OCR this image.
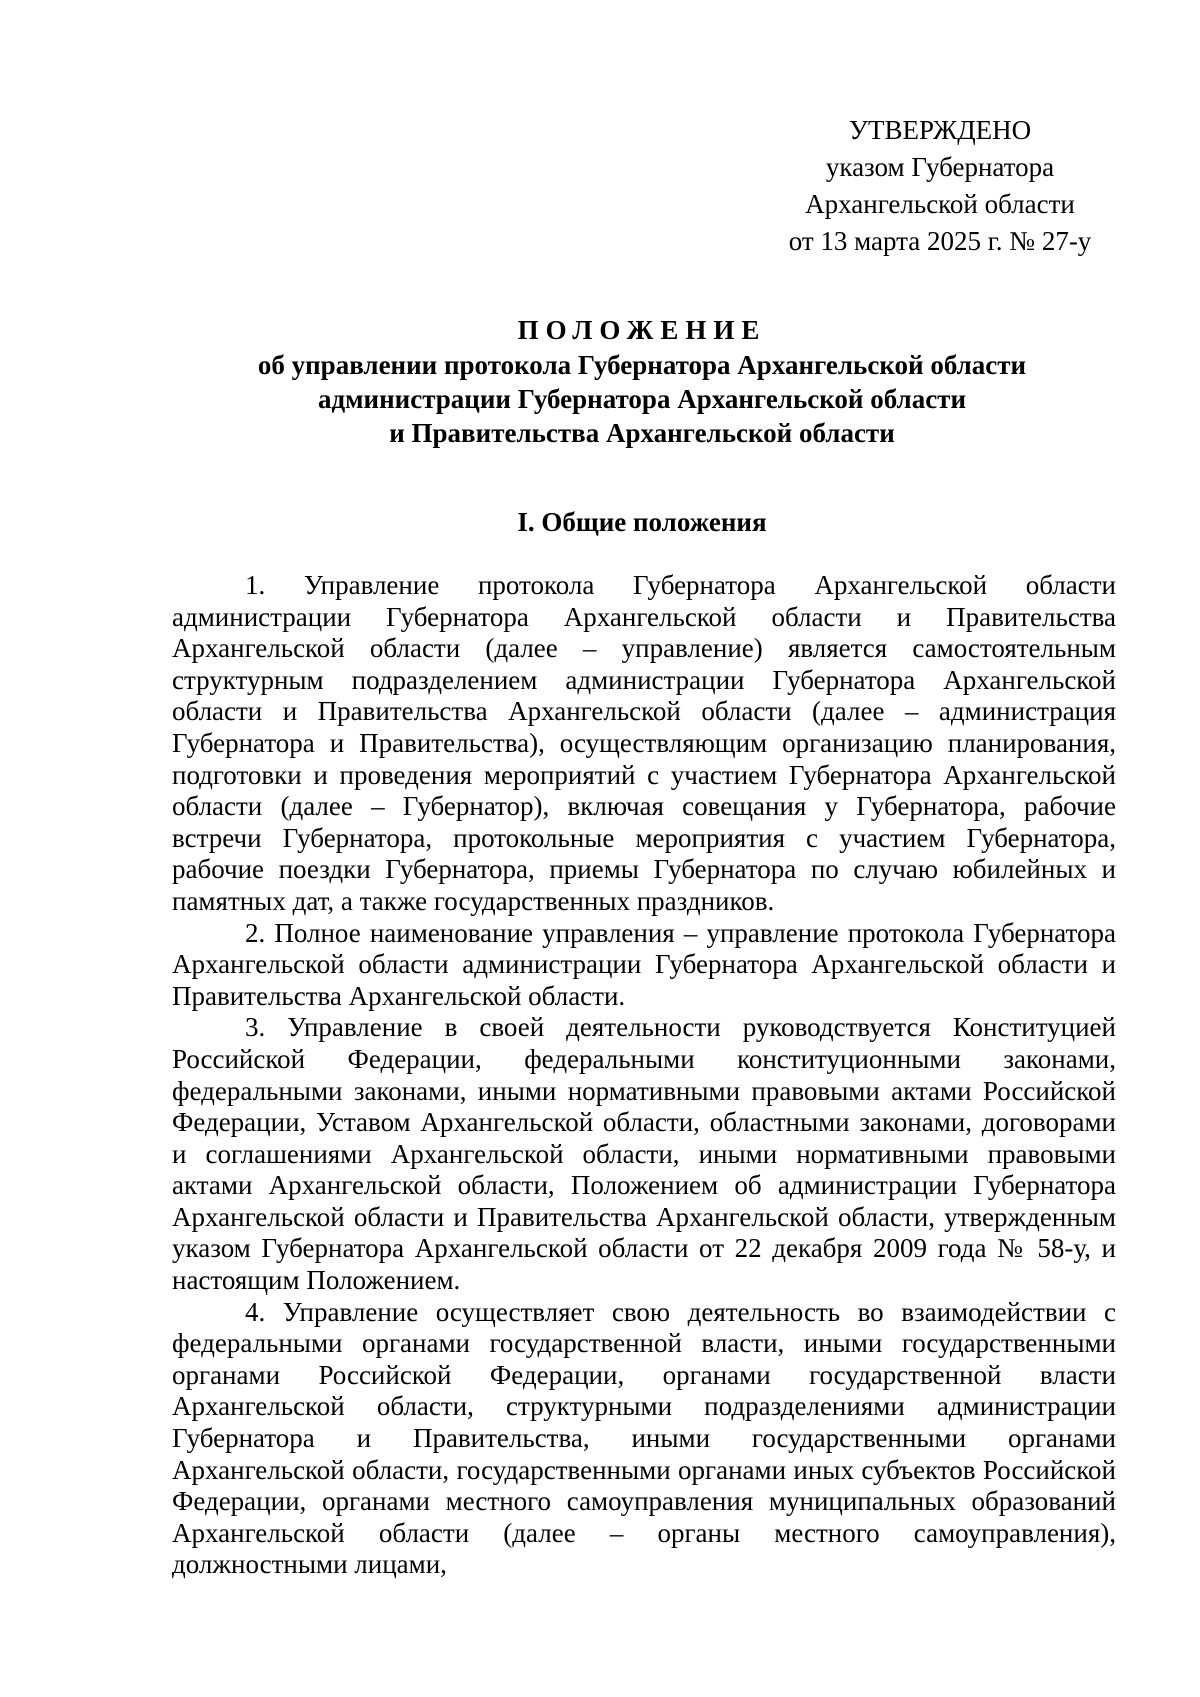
УТВЕРЖДЕНО
указом Губернатора
Архангельской области
от 13 марта 2025 г. № 27-у
ПОЛОЖЕНИЕ
об управлении протокола Губернатора Архангельской области
администрации Губернатора Архангельской области
и Правительства Архангельской области
I. Общие положения

1. Управление протокола Губернатора Архангельской области администрации Губернатора Архангельской области и Правительства Архангельской области (далее – управление) является самостоятельным структурным подразделением администрации Губернатора Архангельской области и Правительства Архангельской области (далее – администрация Губернатора и Правительства), осуществляющим организацию планирования, подготовки и проведения мероприятий с участием Губернатора Архангельской области (далее – Губернатор), включая совещания у Губернатора, рабочие встречи Губернатора, протокольные мероприятия с участием Губернатора, рабочие поездки Губернатора, приемы Губернатора по случаю юбилейных и памятных дат, а также государственных праздников.

2. Полное наименование управления – управление протокола Губернатора Архангельской области администрации Губернатора Архангельской области и Правительства Архангельской области.

3. Управление в своей деятельности руководствуется Конституцией Российской Федерации, федеральными конституционными законами, федеральными законами, иными нормативными правовыми актами Российской Федерации, Уставом Архангельской области, областными законами, договорами и соглашениями Архангельской области, иными нормативными правовыми актами Архангельской области, Положением об администрации Губернатора Архангельской области и Правительства Архангельской области, утвержденным указом Губернатора Архангельской области от 22 декабря 2009 года № 58-у, и настоящим Положением.

4. Управление осуществляет свою деятельность во взаимодействии с федеральными органами государственной власти, иными государственными органами Российской Федерации, органами государственной власти Архангельской области, структурными подразделениями администрации Губернатора и Правительства, иными государственными органами Архангельской области, государственными органами иных субъектов Российской Федерации, органами местного самоуправления муниципальных образований Архангельской области (далее – органы местного самоуправления), должностными лицами,
